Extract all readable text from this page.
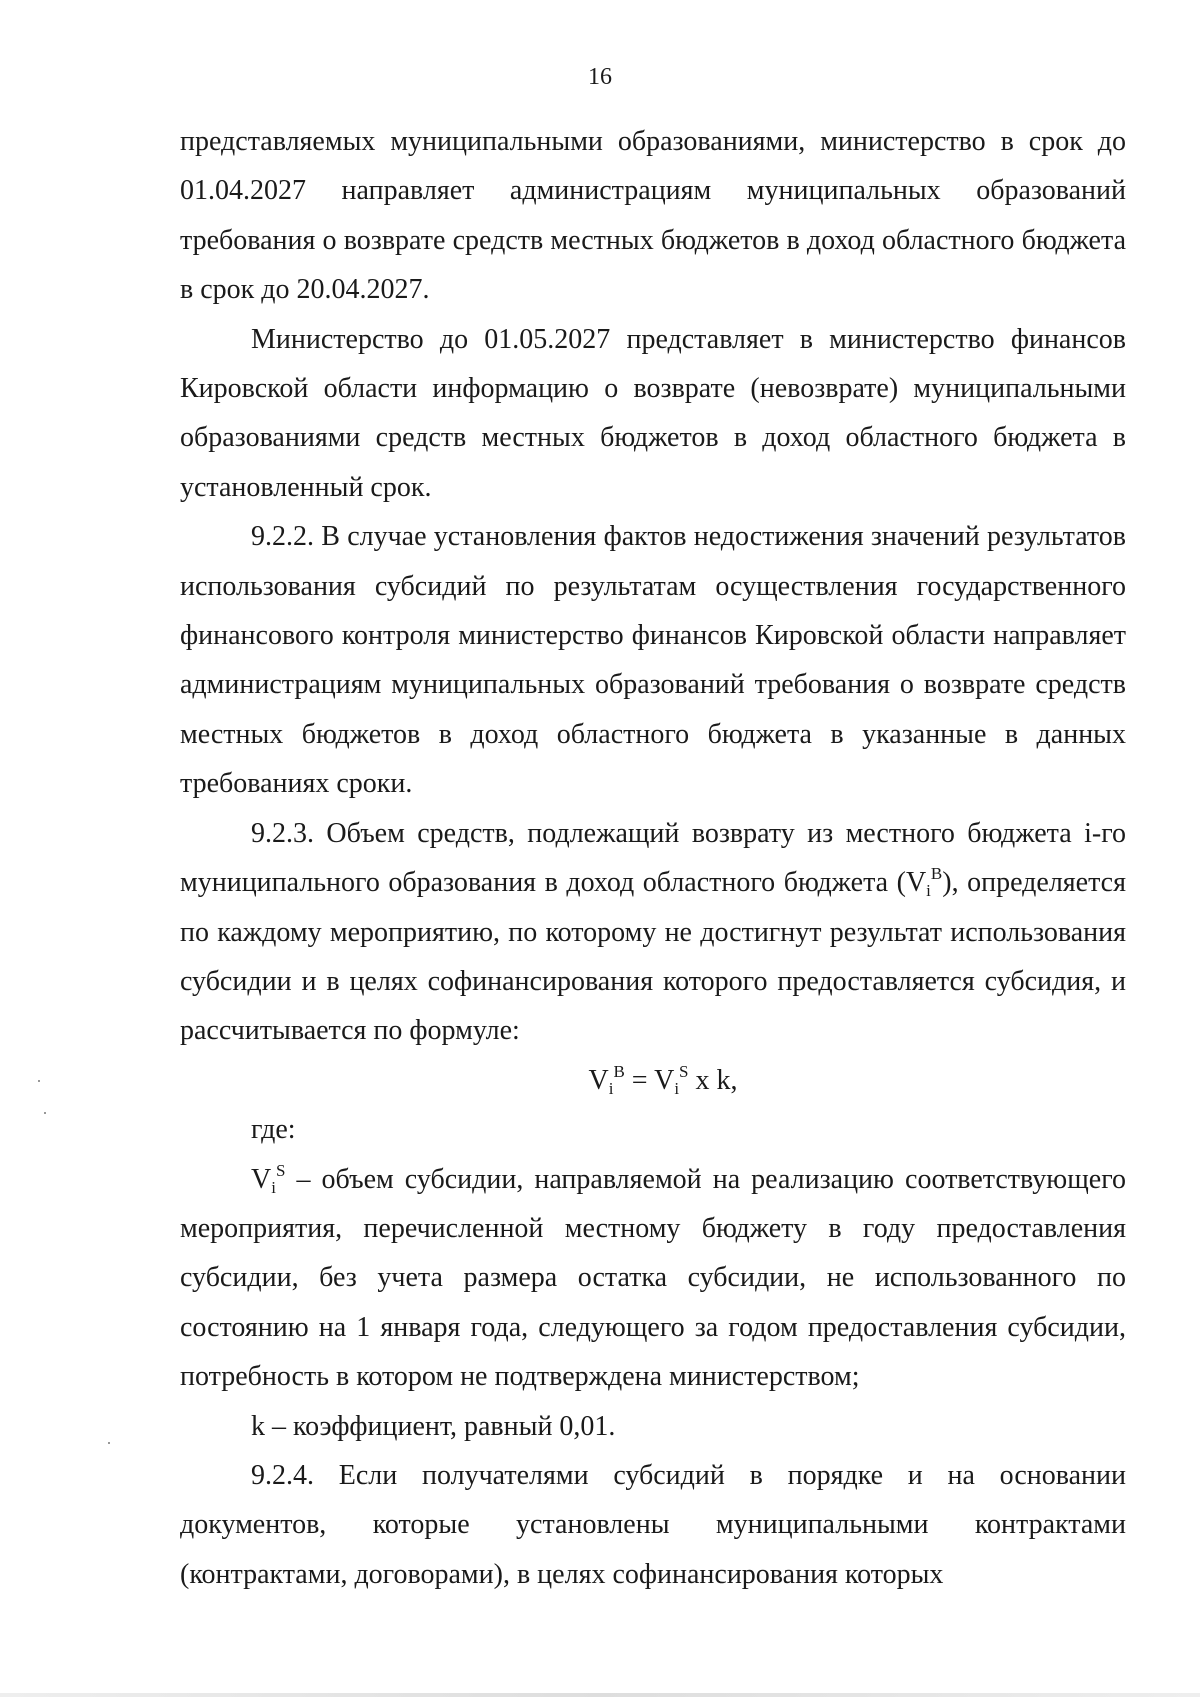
16

представляемых муниципальными образованиями, министерство в срок до 01.04.2027 направляет администрациям муниципальных образований требования о возврате средств местных бюджетов в доход областного бюджета в срок до 20.04.2027.

Министерство до 01.05.2027 представляет в министерство финансов Кировской области информацию о возврате (невозврате) муниципальными образованиями средств местных бюджетов в доход областного бюджета в установленный срок.

9.2.2. В случае установления фактов недостижения значений результатов использования субсидий по результатам осуществления государственного финансового контроля министерство финансов Кировской области направляет администрациям муниципальных образований требования о возврате средств местных бюджетов в доход областного бюджета в указанные в данных требованиях сроки.

9.2.3. Объем средств, подлежащий возврату из местного бюджета i-го муниципального образования в доход областного бюджета $(V_i^B)$, определяется по каждому мероприятию, по которому не достигнут результат использования субсидии и в целях софинансирования которого предоставляется субсидия, и рассчитывается по формуле:

$V_i^B = V_i^S$ x k,

где:

$V_i^S$ – объем субсидии, направляемой на реализацию соответствующего мероприятия, перечисленной местному бюджету в году предоставления субсидии, без учета размера остатка субсидии, не использованного по состоянию на 1 января года, следующего за годом предоставления субсидии, потребность в котором не подтверждена министерством;

k – коэффициент, равный 0,01.

9.2.4. Если получателями субсидий в порядке и на основании документов, которые установлены муниципальными контрактами (контрактами, договорами), в целях софинансирования которых
